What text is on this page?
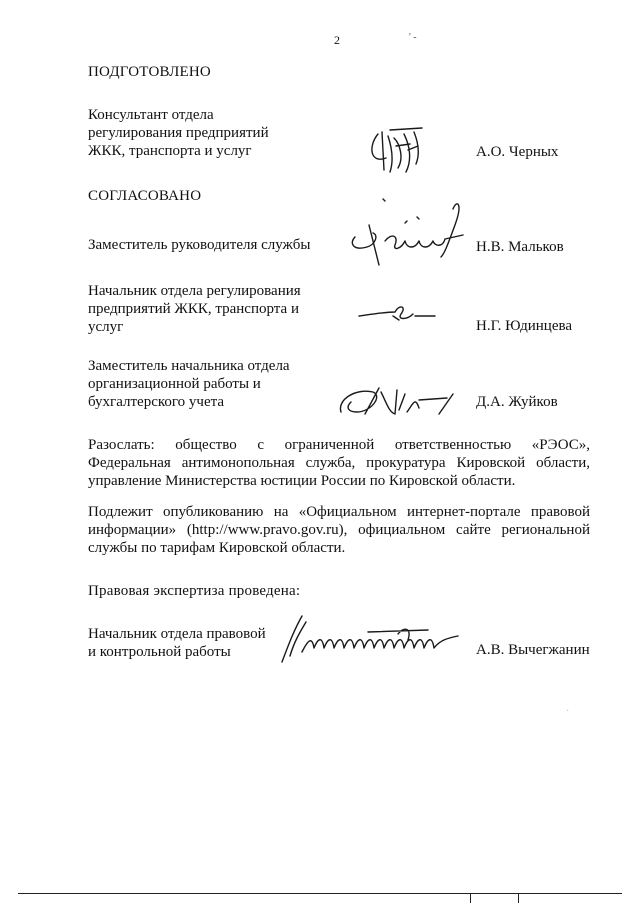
2	' -
ПОДГОТОВЛЕНО
Консультант отдела
регулирования предприятий
ЖКК, транспорта и услуг	А.О. Черных
СОГЛАСОВАНО
Заместитель руководителя службы	Н.В. Мальков
Начальник отдела регулирования
предприятий ЖКК, транспорта и
услуг	Н.Г. Юдинцева
Заместитель начальника отдела
организационной работы и
бухгалтерского учета	Д.А. Жуйков
Разослать: общество с ограниченной ответственностью «РЭОС», Федеральная антимонопольная служба, прокуратура Кировской области, управление Министерства юстиции России по Кировской области.
Подлежит опубликованию на «Официальном интернет-портале правовой информации» (http://www.pravo.gov.ru), официальном сайте региональной службы по тарифам Кировской области.
Правовая экспертиза проведена:
Начальник отдела правовой
и контрольной работы	А.В. Вычегжанин
·
